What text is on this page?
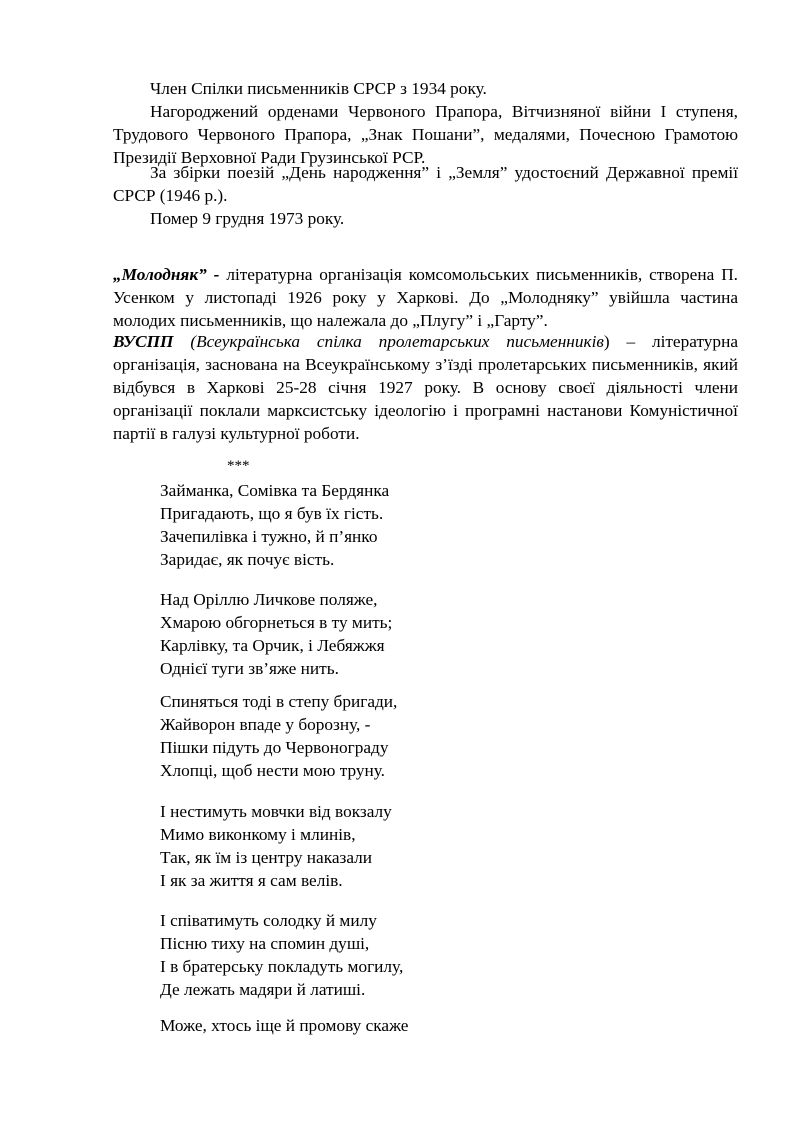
Член Спілки письменників СРСР з 1934 року.

Нагороджений орденами Червоного Прапора, Вітчизняної війни І ступеня, Трудового Червоного Прапора, „Знак Пошани”, медалями, Почесною Грамотою Президії Верховної Ради Грузинської РСР.

За збірки поезій „День народження” і „Земля” удостоєний Державної премії СРСР (1946 р.).

Помер 9 грудня 1973 року.

„Молодняк” - літературна організація комсомольських письменників, створена П. Усенком у листопаді 1926 року у Харкові. До „Молодняку” увійшла частина молодих письменників, що належала до „Плугу” і „Гарту”.

ВУСПП (Всеукраїнська спілка пролетарських письменників) – літературна організація, заснована на Всеукраїнському з’їзді пролетарських письменників, який відбувся в Харкові 25-28 січня 1927 року. В основу своєї діяльності члени організації поклали марксистську ідеологію і програмні настанови Комуністичної партії в галузі культурної роботи.

***
Займанка, Сомівка та Бердянка
Пригадають, що я був їх гість.
Зачепилівка і тужно, й п’янко
Заридає, як почує вість.
Над Оріллю Личкове поляже,
Хмарою обгорнеться в ту мить;
Карлівку, та Орчик, і Лебяжжя
Однієї туги зв’яже нить.
Спиняться тоді в степу бригади,
Жайворон впаде у борозну, -
Пішки підуть до Червонограду
Хлопці, щоб нести мою труну.
І нестимуть мовчки від вокзалу
Мимо виконкому і млинів,
Так, як їм із центру наказали
І як за життя я сам велів.
І співатимуть солодку й милу
Пісню тиху на спомин душі,
І в братерську покладуть могилу,
Де лежать мадяри й латиші.
Може, хтось іще й промову скаже
